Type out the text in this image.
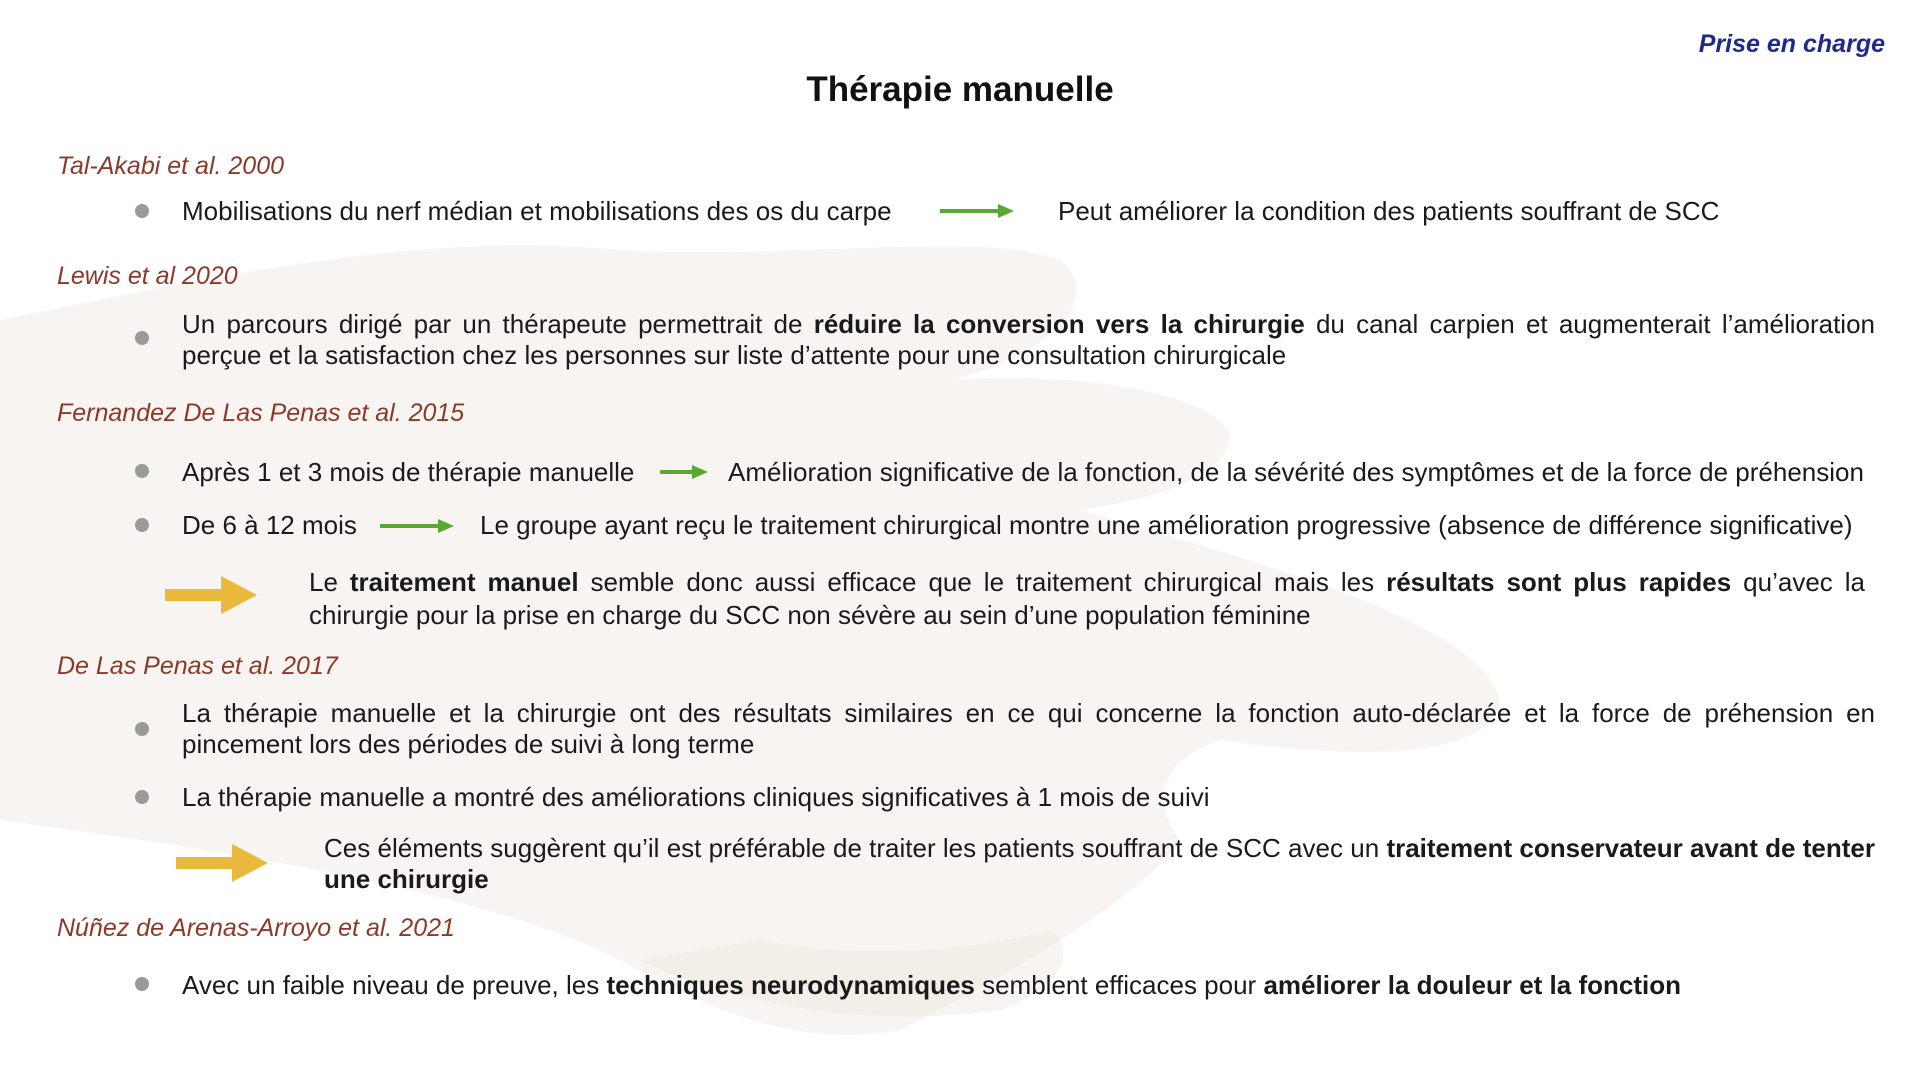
Prise en charge
Thérapie manuelle
Tal-Akabi et al. 2000
Mobilisations du nerf médian et mobilisations des os du carpe	Peut améliorer la condition des patients souffrant de SCC
Lewis et al 2020
Un parcours dirigé par un thérapeute permettrait de réduire la conversion vers la chirurgie du canal carpien et augmenterait l’amélioration perçue et la satisfaction chez les personnes sur liste d’attente pour une consultation chirurgicale
Fernandez De Las Penas et al. 2015
Après 1 et 3 mois de thérapie manuelle	Amélioration significative de la fonction, de la sévérité des symptômes et de la force de préhension
De 6 à 12 mois	Le groupe ayant reçu le traitement chirurgical montre une amélioration progressive (absence de différence significative)
Le traitement manuel semble donc aussi efficace que le traitement chirurgical mais les résultats sont plus rapides qu’avec la chirurgie pour la prise en charge du SCC non sévère au sein d’une population féminine
De Las Penas et al. 2017
La thérapie manuelle et la chirurgie ont des résultats similaires en ce qui concerne la fonction auto-déclarée et la force de préhension en pincement lors des périodes de suivi à long terme
La thérapie manuelle a montré des améliorations cliniques significatives à 1 mois de suivi
Ces éléments suggèrent qu’il est préférable de traiter les patients souffrant de SCC avec un traitement conservateur avant de tenter une chirurgie
Núñez de Arenas-Arroyo et al. 2021
Avec un faible niveau de preuve, les techniques neurodynamiques semblent efficaces pour améliorer la douleur et la fonction
